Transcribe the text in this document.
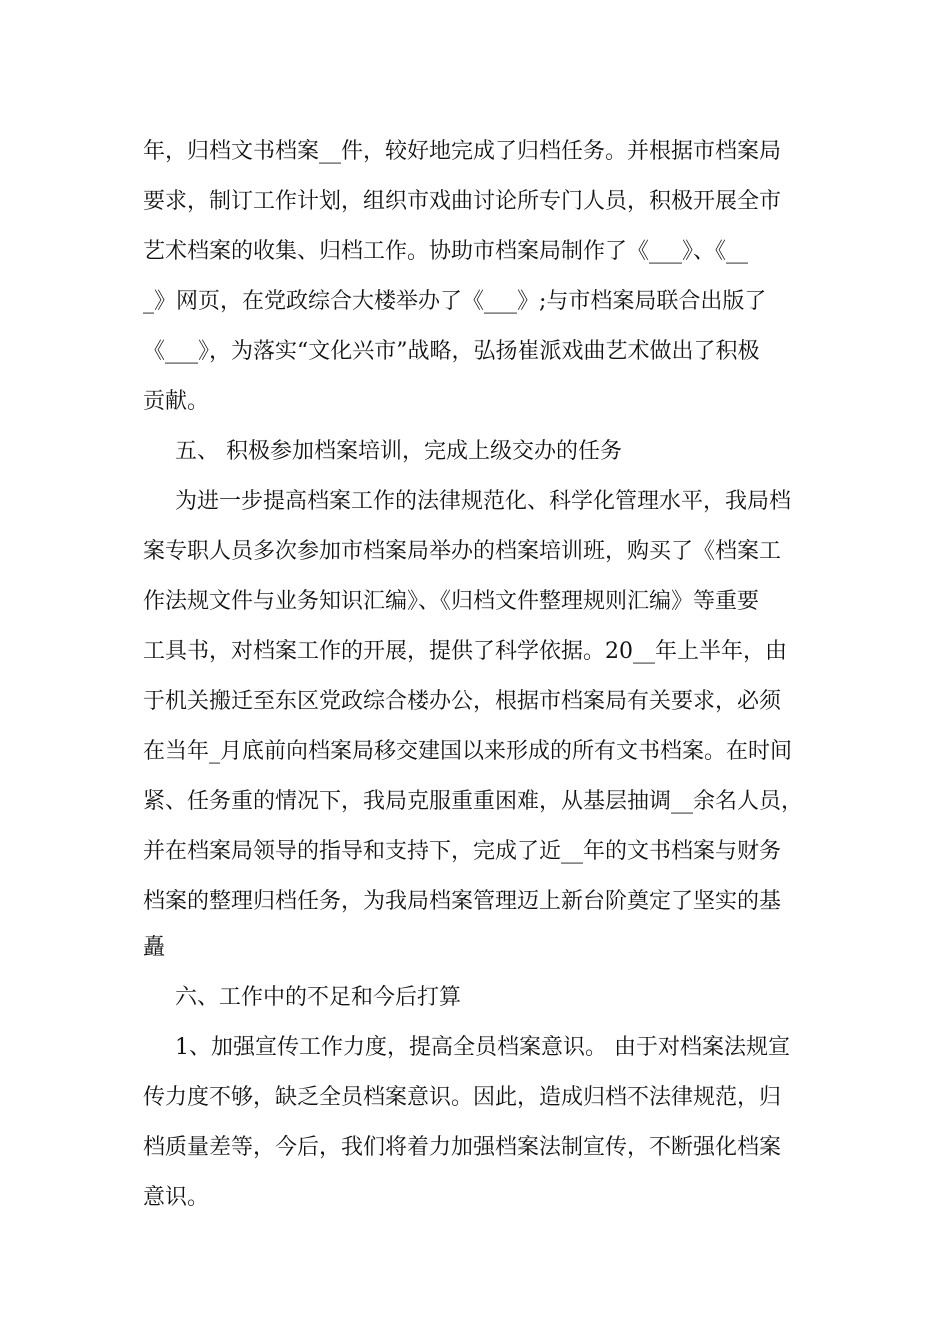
年，归档文书档案__件，较好地完成了归档任务。并根据市档案局
要求，制订工作计划，组织市戏曲讨论所专门人员，积极开展全市
艺术档案的收集、归档工作。协助市档案局制作了《___》、《__
_》网页，在党政综合大楼举办了《___》;与市档案局联合出版了
《___》，为落实“文化兴市”战略，弘扬崔派戏曲艺术做出了积极
贡献。
五、 积极参加档案培训，完成上级交办的任务
为进一步提高档案工作的法律规范化、科学化管理水平，我局档
案专职人员多次参加市档案局举办的档案培训班，购买了《档案工
作法规文件与业务知识汇编》、《归档文件整理规则汇编》等重要
工具书，对档案工作的开展，提供了科学依据。20__年上半年，由
于机关搬迁至东区党政综合楼办公，根据市档案局有关要求，必须
在当年_月底前向档案局移交建国以来形成的所有文书档案。在时间
紧、任务重的情况下，我局克服重重困难，从基层抽调__余名人员，
并在档案局领导的指导和支持下，完成了近__年的文书档案与财务
档案的整理归档任务，为我局档案管理迈上新台阶奠定了坚实的基
矗
六、工作中的不足和今后打算
1、加强宣传工作力度，提高全员档案意识。 由于对档案法规宣
传力度不够，缺乏全员档案意识。因此，造成归档不法律规范，归
档质量差等，今后，我们将着力加强档案法制宣传，不断强化档案
意识。
